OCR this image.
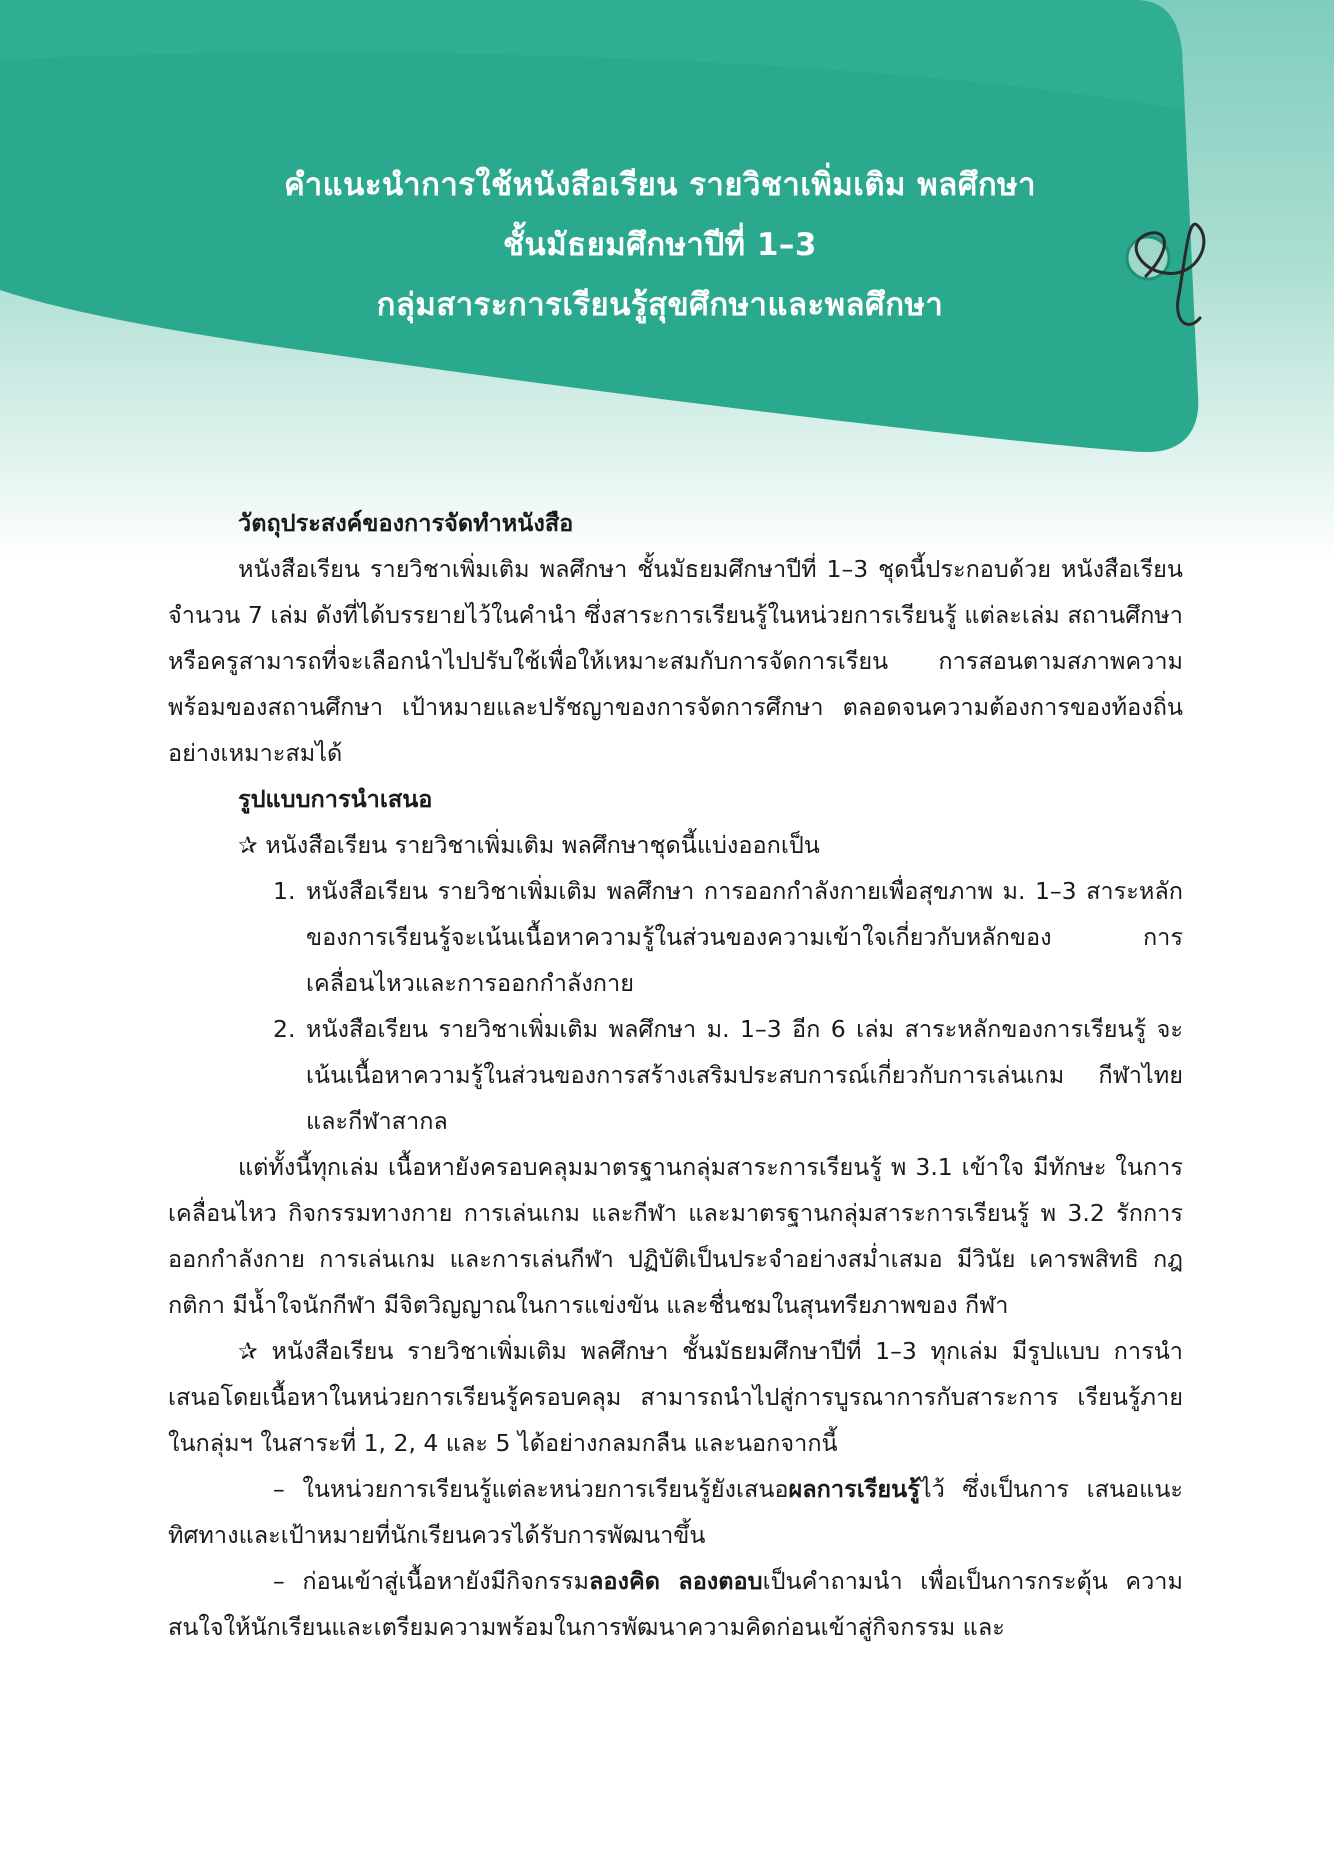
คำแนะนำการใช้หนังสือเรียน รายวิชาเพิ่มเติม พลศึกษา
ชั้นมัธยมศึกษาปีที่ 1–3
กลุ่มสาระการเรียนรู้สุขศึกษาและพลศึกษา

วัตถุประสงค์ของการจัดทำหนังสือ

หนังสือเรียน รายวิชาเพิ่มเติม พลศึกษา ชั้นมัธยมศึกษาปีที่ 1–3 ชุดนี้ประกอบด้วย หนังสือเรียนจำนวน 7 เล่ม ดังที่ได้บรรยายไว้ในคำนำ ซึ่งสาระการเรียนรู้ในหน่วยการเรียนรู้ แต่ละเล่ม สถานศึกษาหรือครูสามารถที่จะเลือกนำไปปรับใช้เพื่อให้เหมาะสมกับการจัดการเรียน การสอนตามสภาพความพร้อมของสถานศึกษา เป้าหมายและปรัชญาของการจัดการศึกษา ตลอดจนความต้องการของท้องถิ่นอย่างเหมาะสมได้

รูปแบบการนำเสนอ

✰ หนังสือเรียน รายวิชาเพิ่มเติม พลศึกษาชุดนี้แบ่งออกเป็น

1. หนังสือเรียน รายวิชาเพิ่มเติม พลศึกษา การออกกำลังกายเพื่อสุขภาพ ม. 1–3 สาระหลักของการเรียนรู้จะเน้นเนื้อหาความรู้ในส่วนของความเข้าใจเกี่ยวกับหลักของ การเคลื่อนไหวและการออกกำลังกาย
2. หนังสือเรียน รายวิชาเพิ่มเติม พลศึกษา ม. 1–3 อีก 6 เล่ม สาระหลักของการเรียนรู้ จะเน้นเนื้อหาความรู้ในส่วนของการสร้างเสริมประสบการณ์เกี่ยวกับการเล่นเกม กีฬาไทย และกีฬาสากล

แต่ทั้งนี้ทุกเล่ม เนื้อหายังครอบคลุมมาตรฐานกลุ่มสาระการเรียนรู้ พ 3.1 เข้าใจ มีทักษะ ในการเคลื่อนไหว กิจกรรมทางกาย การเล่นเกม และกีฬา และมาตรฐานกลุ่มสาระการเรียนรู้ พ 3.2 รักการออกกำลังกาย การเล่นเกม และการเล่นกีฬา ปฏิบัติเป็นประจำอย่างสม่ำเสมอ มีวินัย เคารพสิทธิ กฎ กติกา มีน้ำใจนักกีฬา มีจิตวิญญาณในการแข่งขัน และชื่นชมในสุนทรียภาพของ กีฬา

✰ หนังสือเรียน รายวิชาเพิ่มเติม พลศึกษา ชั้นมัธยมศึกษาปีที่ 1–3 ทุกเล่ม มีรูปแบบ การนำเสนอโดยเนื้อหาในหน่วยการเรียนรู้ครอบคลุม สามารถนำไปสู่การบูรณาการกับสาระการ เรียนรู้ภายในกลุ่มฯ ในสาระที่ 1, 2, 4 และ 5 ได้อย่างกลมกลืน และนอกจากนี้

– ในหน่วยการเรียนรู้แต่ละหน่วยการเรียนรู้ยังเสนอผลการเรียนรู้ไว้ ซึ่งเป็นการ เสนอแนะทิศทางและเป้าหมายที่นักเรียนควรได้รับการพัฒนาขึ้น

– ก่อนเข้าสู่เนื้อหายังมีกิจกรรมลองคิด ลองตอบเป็นคำถามนำ เพื่อเป็นการกระตุ้น ความสนใจให้นักเรียนและเตรียมความพร้อมในการพัฒนาความคิดก่อนเข้าสู่กิจกรรม และ
